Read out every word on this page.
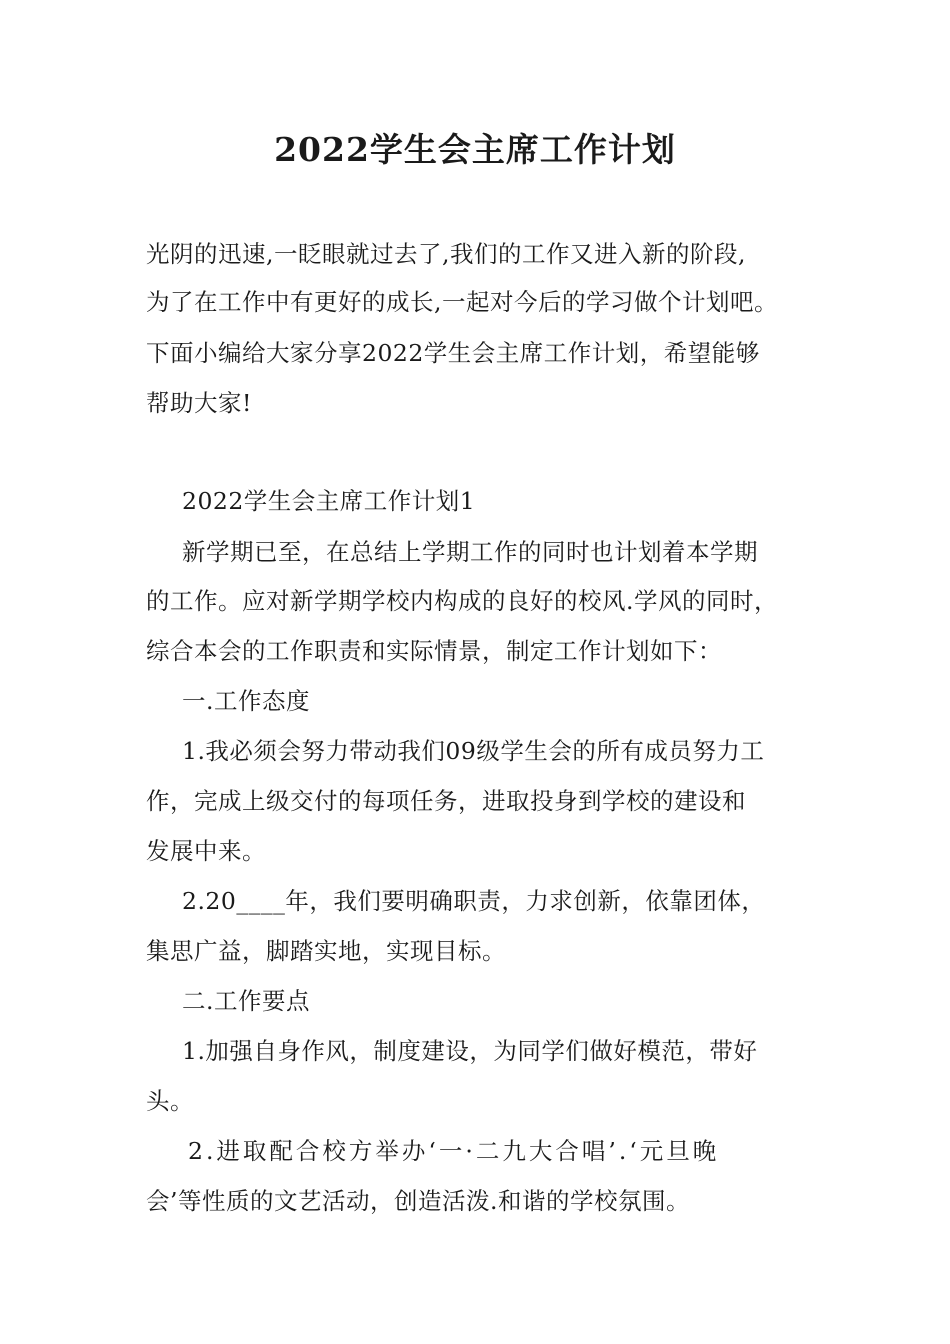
2022学生会主席工作计划
光阴的迅速,一眨眼就过去了,我们的工作又进入新的阶段,
为了在工作中有更好的成长,一起对今后的学习做个计划吧。
下面小编给大家分享2022学生会主席工作计划，希望能够
帮助大家!
2022学生会主席工作计划1
新学期已至，在总结上学期工作的同时也计划着本学期
的工作。应对新学期学校内构成的良好的校风.学风的同时，
综合本会的工作职责和实际情景，制定工作计划如下：
一.工作态度
1.我必须会努力带动我们09级学生会的所有成员努力工
作，完成上级交付的每项任务，进取投身到学校的建设和
发展中来。
2.20____年，我们要明确职责，力求创新，依靠团体，
集思广益，脚踏实地，实现目标。
二.工作要点
1.加强自身作风，制度建设，为同学们做好模范，带好
头。
2.进取配合校方举办‘一·二九大合唱’.‘元旦晚
会’等性质的文艺活动，创造活泼.和谐的学校氛围。
